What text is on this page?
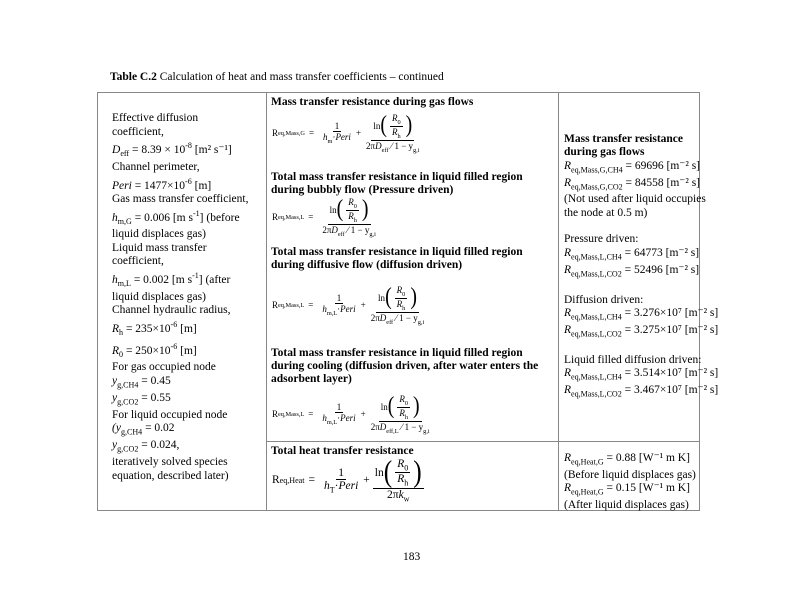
Table C.2 Calculation of heat and mass transfer coefficients – continued
Effective diffusion
coefficient,
$D_{eff} = 8.39 \times 10^{-8}$ [m² s⁻¹]
Channel perimeter,
Peri = $1477\times 10^{-6}$ [m]
Gas mass transfer coefficient,
$h_{m,G} = 0.006$ [m $s^{-1}$] (before
liquid displaces gas)
Liquid mass transfer
coefficient,
$h_{m,L} = 0.002$ [m $s^{-1}$] (after
liquid displaces gas)
Channel hydraulic radius,
$R_h = 235\times 10^{-6}$ [m]
$R_0 = 250\times 10^{-6}$ [m]
For gas occupied node
$y_{g,CH4} = 0.45$
$y_{g,CO2} = 0.55$
For liquid occupied node
($y_{g,CH4} = 0.02$
$y_{g,CO2} = 0.024$,
iteratively solved species
equation, described later)
Mass transfer resistance during gas flows
Total mass transfer resistance in liquid filled region during bubbly flow (Pressure driven)
Total mass transfer resistance in liquid filled region during diffusive flow (diffusion driven)
Total mass transfer resistance in liquid filled region during cooling (diffusion driven, after water enters the adsorbent layer)
Total heat transfer resistance
R eq,Mass,G = $\frac{1}{h_m\cdot Peri} + \frac{\ln ( \frac{R_0}{R_h} )}{2\pi D_{eff} ⁄ 1 - y_{g,i}}$
R eq,Mass,L = $\frac{\ln ( \frac{R_0}{R_h} )}{2\pi D_{eff} ⁄ 1 - y_{g,i}}$
R eq,Mass,L = $\frac{1}{h_{m,L}\cdot Peri} + \frac{\ln ( \frac{R_0}{R_h} )}{2\pi D_{eff} ⁄ 1 - y_{g,i}}$
R eq,Mass,L = $\frac{1}{h_{m,L}\cdot Peri} + \frac{\ln ( \frac{R_0}{R_h} )}{2\pi D_{eff,L} ⁄ 1 - y_{g,i}}$
R eq,Heat = $\frac{1}{h_T\cdot Peri} + \frac{\ln ( \frac{R_0}{R_h} )}{2\pi k_w}$
Mass transfer resistance
during gas flows
$R_{eq,Mass,G,CH4} = 69696$ [m⁻² s]
$R_{eq,Mass,G,CO2} = 84558$ [m⁻² s]
(Not used after liquid occupies
the node at 0.5 m)

Pressure driven:
$R_{eq,Mass,L,CH4} = 64773$ [m⁻² s]
$R_{eq,Mass,L,CO2} = 52496$ [m⁻² s]

Diffusion driven:
$R_{eq,Mass,L,CH4} = 3.276\times 10^7$ [m⁻² s]
$R_{eq,Mass,L,CO2} = 3.275\times 10^7$ [m⁻² s]

Liquid filled diffusion driven:
$R_{eq,Mass,L,CH4} = 3.514\times 10^7$ [m⁻² s]
$R_{eq,Mass,L,CO2} = 3.467\times 10^7$ [m⁻² s]
$R_{eq,Heat,G} = 0.88$ [W⁻¹ m K]
(Before liquid displaces gas)
$R_{eq,Heat,G} = 0.15$ [W⁻¹ m K]
(After liquid displaces gas)
183
